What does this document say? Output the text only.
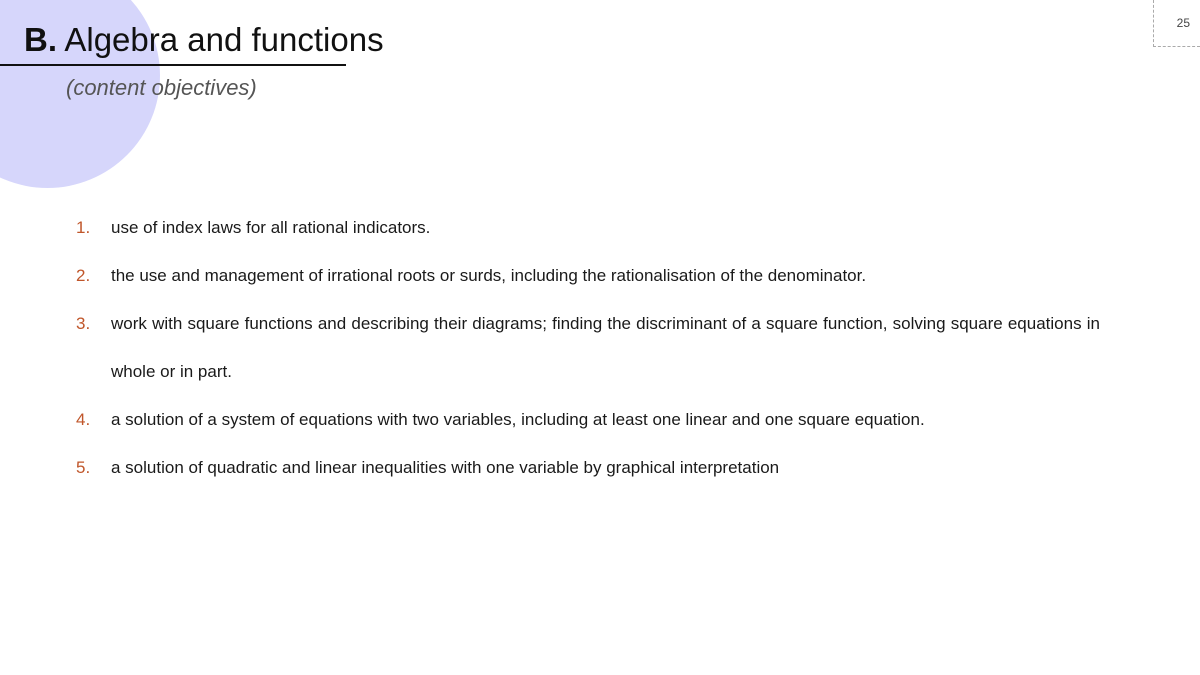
B. Algebra and functions
(content objectives)
25
1. use of index laws for all rational indicators.
2. the use and management of irrational roots or surds, including the rationalisation of the denominator.
3. work with square functions and describing their diagrams; finding the discriminant of a square function, solving square equations in whole or in part.
4. a solution of a system of equations with two variables, including at least one linear and one square equation.
5. a solution of quadratic and linear inequalities with one variable by graphical interpretation
